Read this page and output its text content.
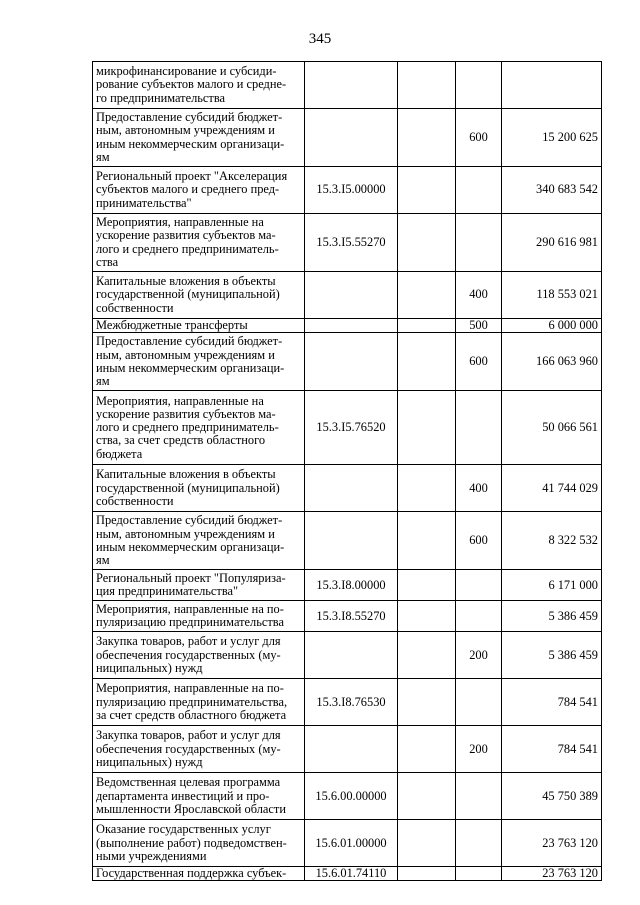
345
микрофинансирование и субсиди-
рование субъектов малого и средне-
го предпринимательства				
Предоставление субсидий бюджет-
ным, автономным учреждениям и
иным некоммерческим организаци-
ям			600	15 200 625
Региональный проект "Акселерация
субъектов малого и среднего пред-
принимательства"	15.3.I5.00000			340 683 542
Мероприятия, направленные на
ускорение развития субъектов ма-
лого и среднего предприниматель-
ства	15.3.I5.55270			290 616 981
Капитальные вложения в объекты
государственной (муниципальной)
собственности			400	118 553 021
Межбюджетные трансферты			500	6 000 000
Предоставление субсидий бюджет-
ным, автономным учреждениям и
иным некоммерческим организаци-
ям			600	166 063 960
Мероприятия, направленные на
ускорение развития субъектов ма-
лого и среднего предприниматель-
ства, за счет средств областного
бюджета	15.3.I5.76520			50 066 561
Капитальные вложения в объекты
государственной (муниципальной)
собственности			400	41 744 029
Предоставление субсидий бюджет-
ным, автономным учреждениям и
иным некоммерческим организаци-
ям			600	8 322 532
Региональный проект "Популяриза-
ция предпринимательства"	15.3.I8.00000			6 171 000
Мероприятия, направленные на по-
пуляризацию предпринимательства	15.3.I8.55270			5 386 459
Закупка товаров, работ и услуг для
обеспечения государственных (му-
ниципальных) нужд			200	5 386 459
Мероприятия, направленные на по-
пуляризацию предпринимательства,
за счет средств областного бюджета	15.3.I8.76530			784 541
Закупка товаров, работ и услуг для
обеспечения государственных (му-
ниципальных) нужд			200	784 541
Ведомственная целевая программа
департамента инвестиций и про-
мышленности Ярославской области	15.6.00.00000			45 750 389
Оказание государственных услуг
(выполнение работ) подведомствен-
ными учреждениями	15.6.01.00000			23 763 120
Государственная поддержка субъек-	15.6.01.74110			23 763 120
